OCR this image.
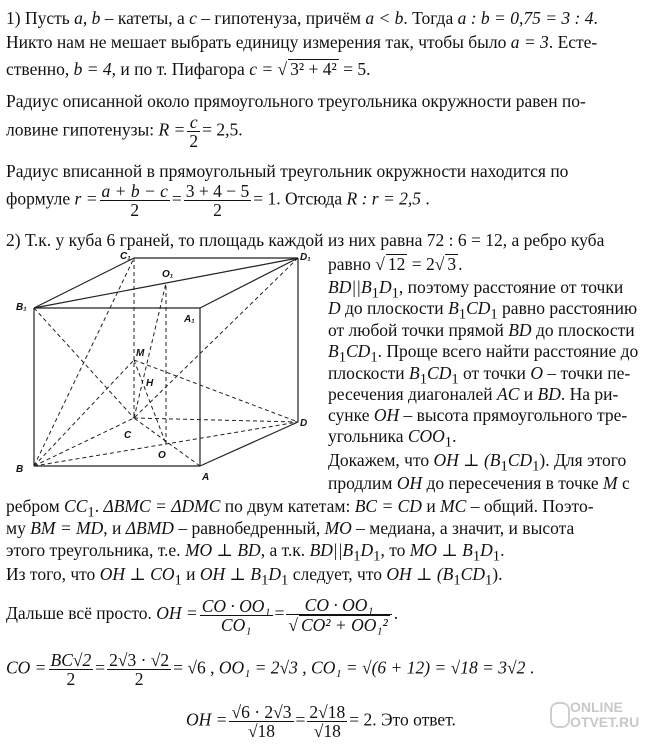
1) Пусть a, b – катеты, а c – гипотенуза, причём a < b. Тогда a : b = 0,75 = 3 : 4.
Никто нам не мешает выбрать единицу измерения так, чтобы было a = 3. Есте-
ственно, b = 4, и по т. Пифагора c = √ 3² + 4² = 5.
Радиус описанной около прямоугольного треугольника окружности равен по-
ловине гипотенузы: $R = \frac{c}{2} = 2,5$.
Радиус вписанной в прямоугольный треугольник окружности находится по
формуле $r = \frac{a + b - c}{2} = \frac{3 + 4 - 5}{2} = 1$. Отсюда R : r = 2,5 .
2) Т.к. у куба 6 граней, то площадь каждой из них равна 72 : 6 = 12, а ребро куба
равно √ 12 = 2√ 3 .
$BD||B_1D_1$, поэтому расстояние от точки
D до плоскости $B_1CD_1$ равно расстоянию
от любой точки прямой BD до плоскости
$B_1CD_1$. Проще всего найти расстояние до
плоскости $B_1CD_1$ от точки O – точки пе-
ресечения диагоналей AC и BD. На ри-
сунке OH – высота прямоугольного тре-
угольника $COO_1$.
Докажем, что OH ⊥ $(B_1CD_1)$. Для этого
продлим OH до пересечения в точке M с
ребром $CC_1$. ΔBMC = ΔDMC по двум катетам: BC = CD и MC – общий. Поэто-
му BM = MD, и ΔBMD – равнобедренный, MO – медиана, а значит, и высота
этого треугольника, т.е. MO ⊥ BD, а т.к. $BD||B_1D_1$, то MO ⊥ $B_1D_1$.
Из того, что OH ⊥ $CO_1$ и OH ⊥ $B_1D_1$ следует, что OH ⊥ $(B_1CD_1)$.
Дальше всё просто. OH = $\frac{\text{CO · OO₁}}{\text{CO₁}} = \frac{\text{CO · OO₁}}{\text{√ CO² + OO₁²}}$ .
CO = $\frac{BC√2}{2} = \frac{2√3 \cdot √2}{2} = √6$ , OO₁ = 2√3 , CO₁ = √(6 + 12) = √18 = 3√2 .
OH = $\frac{√6 \cdot 2√3}{√18} = \frac{2√18}{√18} = 2$. Это ответ.
C₁
O₁
D₁
B₁
A₁
M
H
C
D
B
O
A
ONLINE
OTVET.RU
